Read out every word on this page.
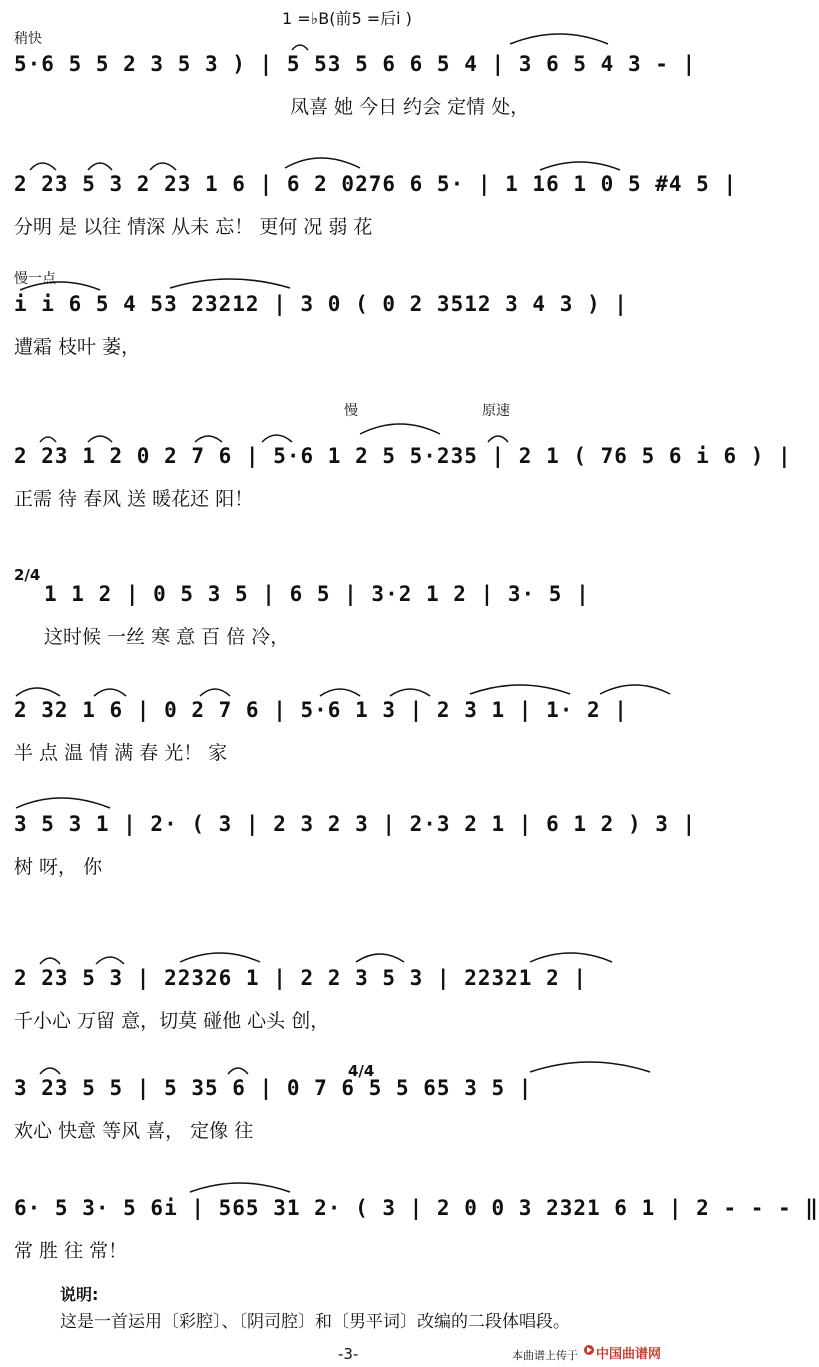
1 =♭B(前5 =后i̇ )
稍快
5·6 5 5 2 3 5 3 ) | 5 53 5 6 6 5 4 | 3 6 5 4 3 - |
凤喜 她 今日 约会 定情 处，
2 23 5 3 2 23 1 6 | 6 2 0276 6 5· | 1 16 1 0 5 #4 5 |
分明 是 以往 情深 从未 忘！ 更何 况 弱 花
慢一点
i i 6 5 4 53 23212 | 3 0 ( 0 2 3512 3 4 3 ) |
遭霜 枝叶 萎，
慢	原速
2 23 1 2 0 2 7 6 | 5·6 1 2 5 5·235 | 2 1 ( 76 5 6 i 6 ) |
正需 待 春风 送 暖花还 阳！
2/4
1 1 2 | 0 5 3 5 | 6 5 | 3·2 1 2 | 3· 5 |
这时候 一丝 寒 意 百 倍 冷，
2 32 1 6 | 0 2 7 6 | 5·6 1 3 | 2 3 1 | 1· 2 |
半 点 温 情 满 春 光！ 家
3 5 3 1 | 2· ( 3 | 2 3 2 3 | 2·3 2 1 | 6 1 2 ) 3 |
树 呀， 你
2 23 5 3 | 22326 1 | 2 2 3 5 3 | 22321 2 |
千小心 万留 意，切莫 碰他 心头 创，
4/4
3 23 5 5 | 5 35 6 | 0 7 6 5 5 65 3 5 |
欢心 快意 等风 喜， 定像 往
6· 5 3· 5 6i | 565 31 2· ( 3 | 2 0 0 3 2321 6 1 | 2 - - - ‖
常 胜 往 常！
说明:
这是一首运用〔彩腔〕、〔阴司腔〕和〔男平词〕改编的二段体唱段。
-3-	本曲谱上传于 中国曲谱网
